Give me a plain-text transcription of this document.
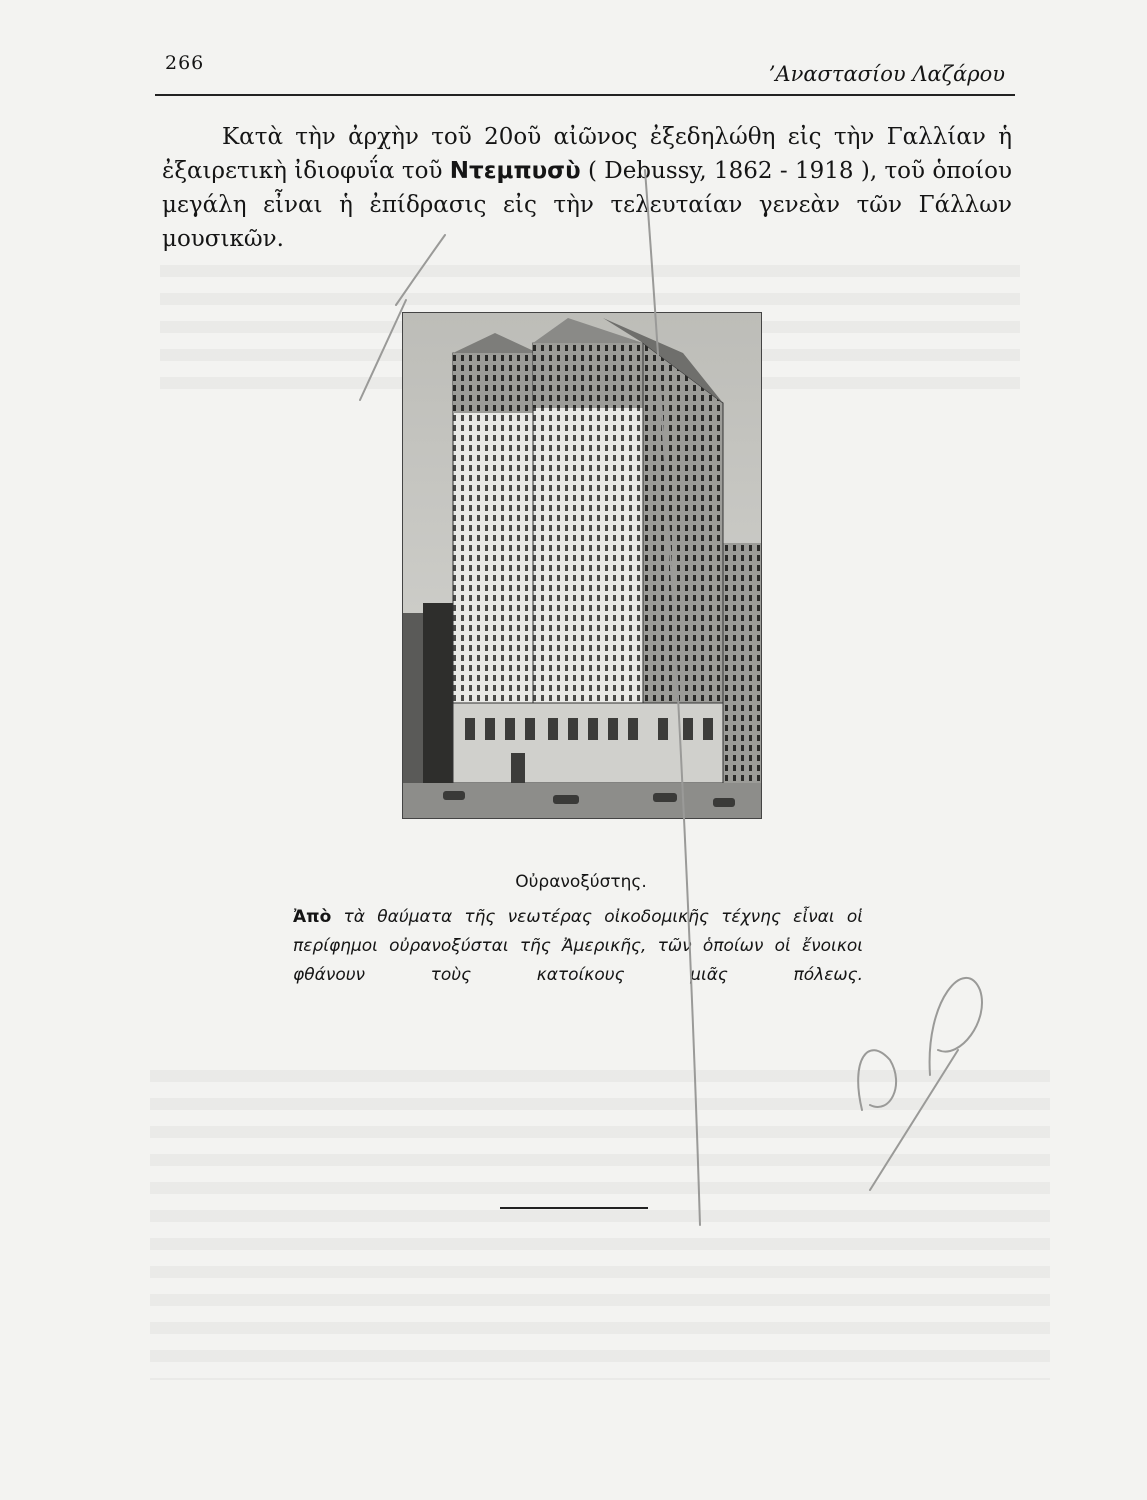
266	’Αναστασίου Λαζάρου

Κατὰ τὴν ἀρχὴν τοῦ 20οῦ αἰῶνος ἐξεδηλώθη εἰς τὴν Γαλλίαν ἡ ἐξαιρετικὴ ἰδιοφυΐα τοῦ Ντεμπυσὺ ( Debussy, 1862 - 1918 ), τοῦ ὁποίου μεγάλη εἶναι ἡ ἐπίδρασις εἰς τὴν τελευταίαν γενεὰν τῶν Γάλλων μουσικῶν.

Οὐρανοξύστης.

Ἀπὸ τὰ θαύματα τῆς νεωτέρας οἰκοδομικῆς τέχνης εἶναι οἱ περίφημοι οὐρανοξύσται τῆς Ἀμερικῆς, τῶν ὁποίων οἱ ἔνοικοι φθάνουν τοὺς κατοίκους μιᾶς πόλεως.
